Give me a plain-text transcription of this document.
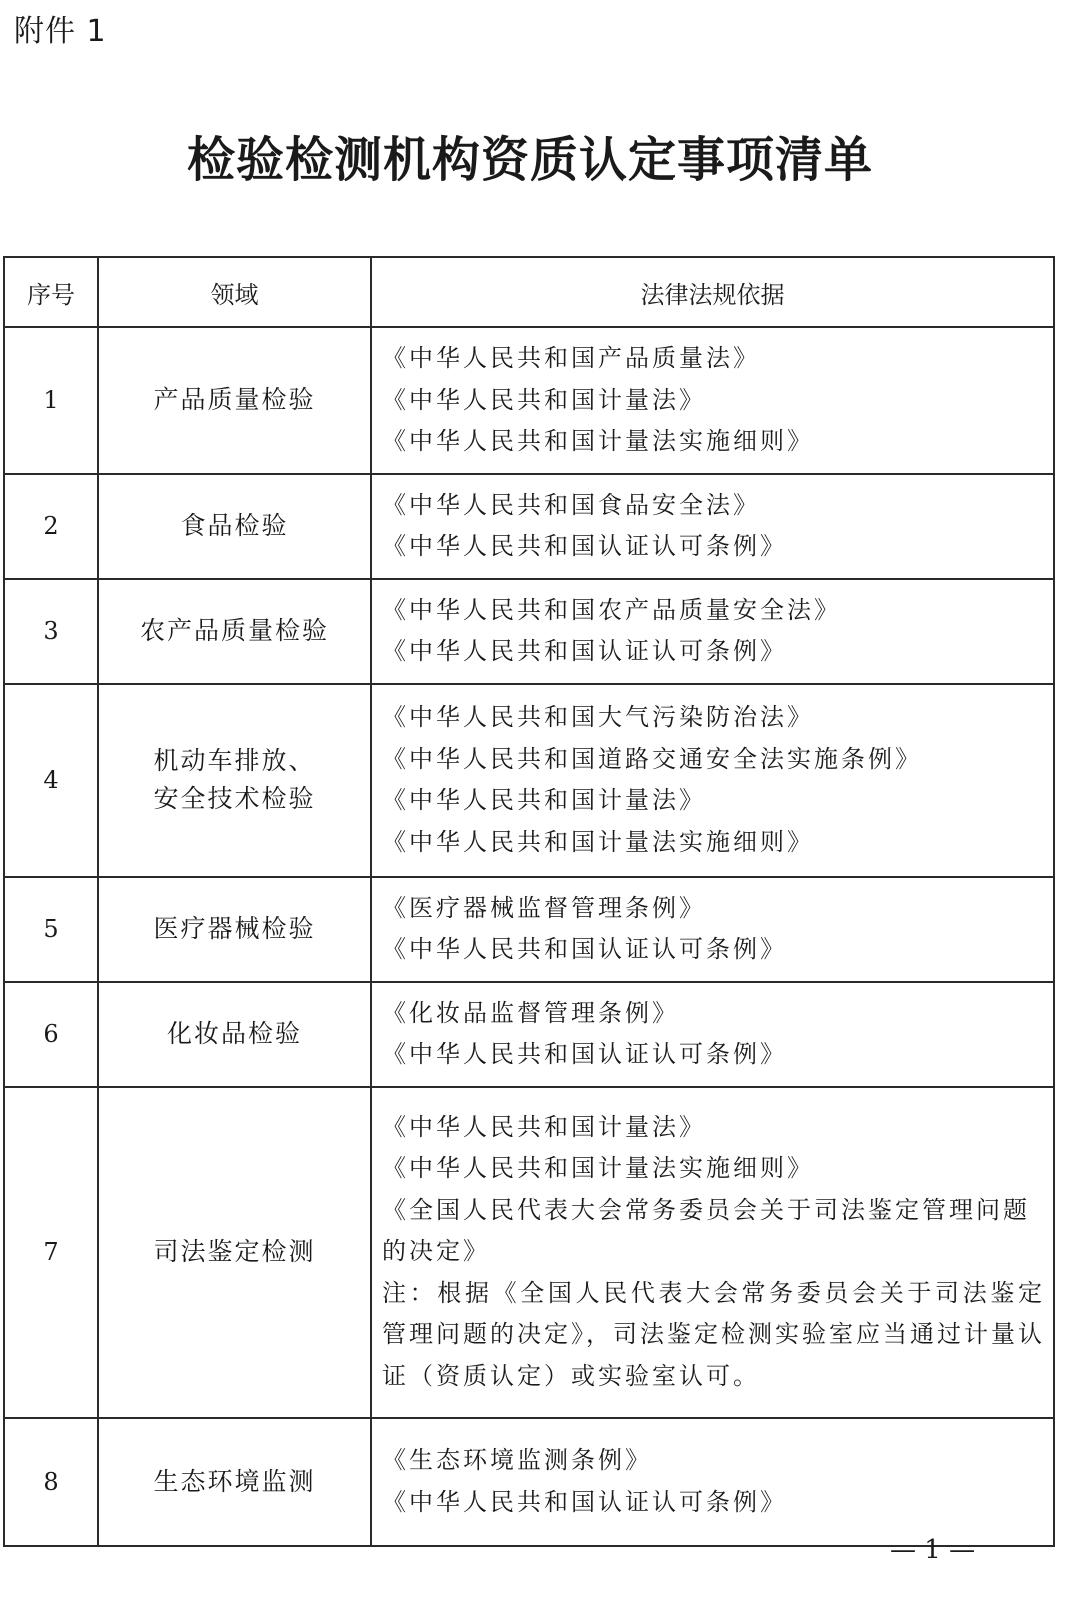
附件 1
检验检测机构资质认定事项清单
序号	领域	法律法规依据
1	产品质量检验	《中华人民共和国产品质量法》
《中华人民共和国计量法》
《中华人民共和国计量法实施细则》

2	食品检验	《中华人民共和国食品安全法》
《中华人民共和国认证认可条例》

3	农产品质量检验	《中华人民共和国农产品质量安全法》
《中华人民共和国认证认可条例》

4	机动车排放、
安全技术检验	《中华人民共和国大气污染防治法》
《中华人民共和国道路交通安全法实施条例》
《中华人民共和国计量法》
《中华人民共和国计量法实施细则》

5	医疗器械检验	《医疗器械监督管理条例》
《中华人民共和国认证认可条例》

6	化妆品检验	《化妆品监督管理条例》
《中华人民共和国认证认可条例》

7	司法鉴定检测	《中华人民共和国计量法》
《中华人民共和国计量法实施细则》
《全国人民代表大会常务委员会关于司法鉴定管理问题
的决定》
注：根据《全国人民代表大会常务委员会关于司法鉴定管理问题的决定》，司法鉴定检测实验室应当通过计量认证（资质认定）或实验室认可。

8	生态环境监测	《生态环境监测条例》
《中华人民共和国认证认可条例》
— 1 —
